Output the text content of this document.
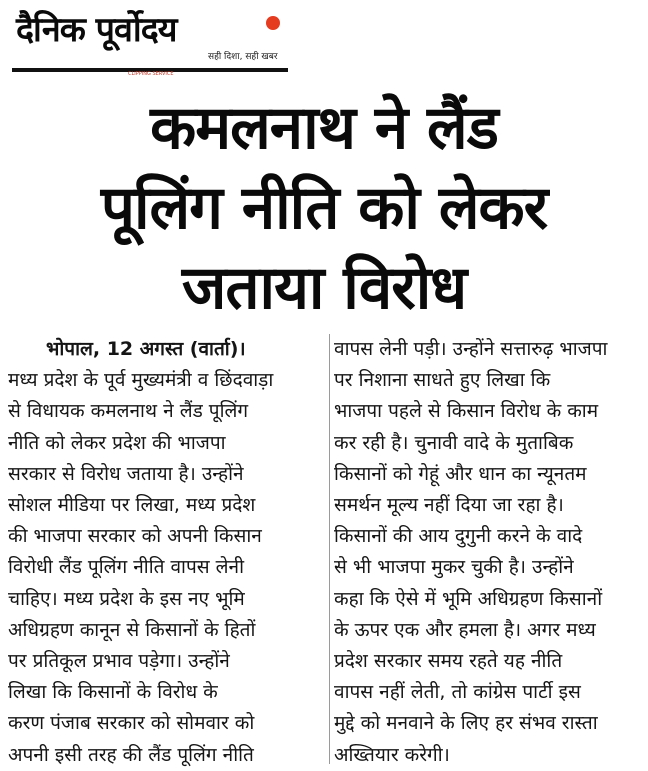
दैनिक पूर्वोदय
सही दिशा, सही खबर
CLIPPING SERVICE
कमलनाथ ने लैंड
पूलिंग नीति को लेकर
जताया विरोध
भोपाल, 12 अगस्त (वार्ता)।
मध्य प्रदेश के पूर्व मुख्यमंत्री व छिंदवाड़ा
से विधायक कमलनाथ ने लैंड पूलिंग
नीति को लेकर प्रदेश की भाजपा
सरकार से विरोध जताया है। उन्होंने
सोशल मीडिया पर लिखा, मध्य प्रदेश
की भाजपा सरकार को अपनी किसान
विरोधी लैंड पूलिंग नीति वापस लेनी
चाहिए। मध्य प्रदेश के इस नए भूमि
अधिग्रहण कानून से किसानों के हितों
पर प्रतिकूल प्रभाव पड़ेगा। उन्होंने
लिखा कि किसानों के विरोध के
करण पंजाब सरकार को सोमवार को
अपनी इसी तरह की लैंड पूलिंग नीति
वापस लेनी पड़ी। उन्होंने सत्तारुढ़ भाजपा
पर निशाना साधते हुए लिखा कि
भाजपा पहले से किसान विरोध के काम
कर रही है। चुनावी वादे के मुताबिक
किसानों को गेहूं और धान का न्यूनतम
समर्थन मूल्य नहीं दिया जा रहा है।
किसानों की आय दुगुनी करने के वादे
से भी भाजपा मुकर चुकी है। उन्होंने
कहा कि ऐसे में भूमि अधिग्रहण किसानों
के ऊपर एक और हमला है। अगर मध्य
प्रदेश सरकार समय रहते यह नीति
वापस नहीं लेती, तो कांग्रेस पार्टी इस
मुद्दे को मनवाने के लिए हर संभव रास्ता
अख्तियार करेगी।
